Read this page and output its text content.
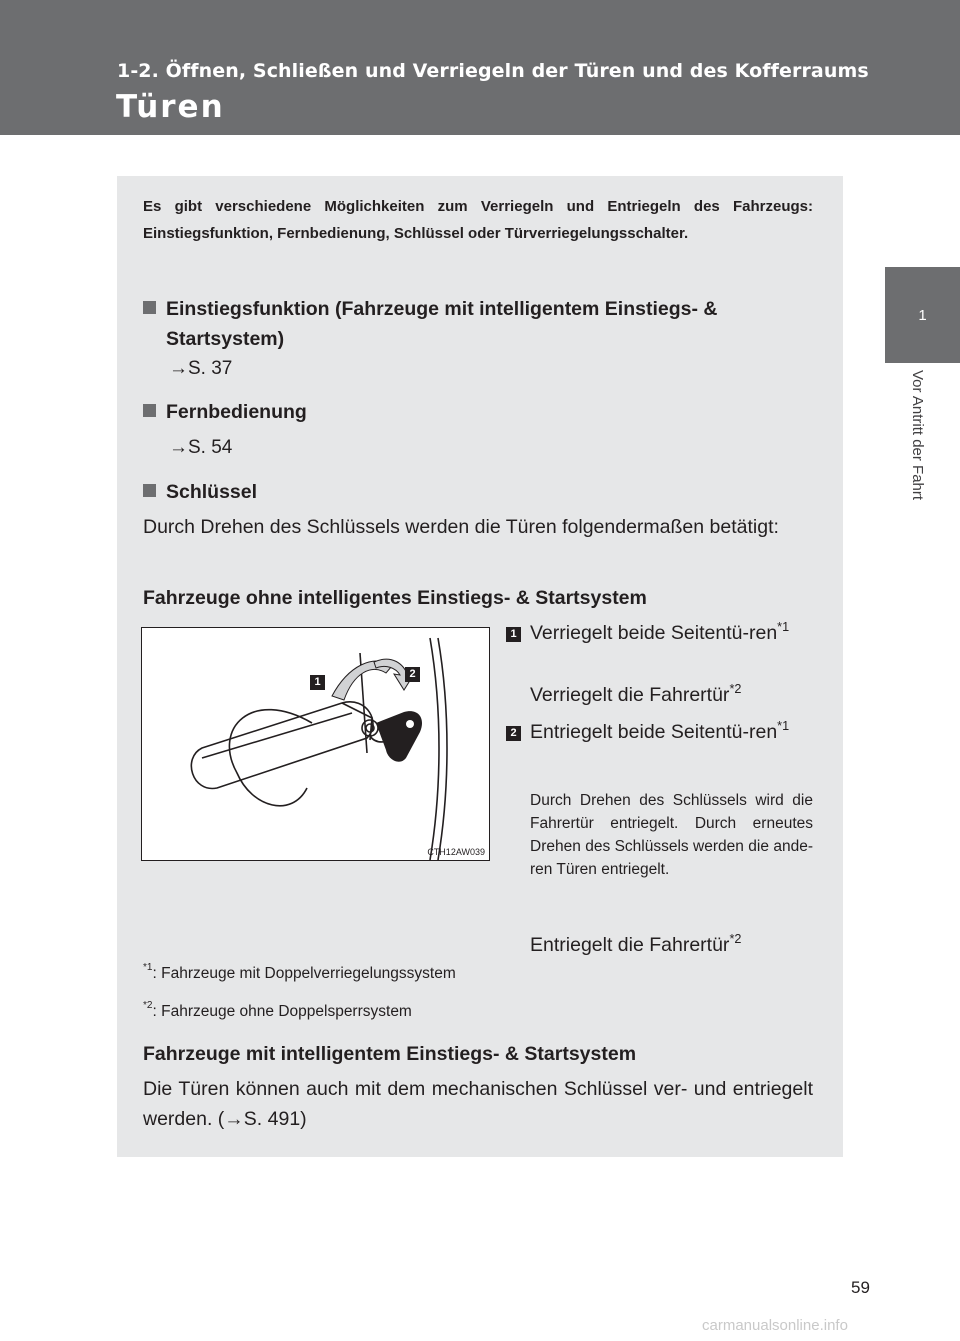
1-2. Öffnen, Schließen und Verriegeln der Türen und des Kofferraums
Türen
1
Vor Antritt der Fahrt
Es gibt verschiedene Möglichkeiten zum Verriegeln und Entriegeln des Fahrzeugs: Einstiegsfunktion, Fernbedienung, Schlüssel oder Türverriegelungsschalter.
Einstiegsfunktion (Fahrzeuge mit intelligentem Einstiegs- & Startsystem)
→S. 37
Fernbedienung
→S. 54
Schlüssel
Durch Drehen des Schlüssels werden die Türen folgendermaßen betätigt:
Fahrzeuge ohne intelligentes Einstiegs- & Startsystem
1
2
CTH12AW039
1 Verriegelt beide Seitentü-ren$^{*1}$
Verriegelt die Fahrertür$^{*2}$
2 Entriegelt beide Seitentü-ren$^{*1}$
Durch Drehen des Schlüssels wird die Fahrertür entriegelt. Durch erneutes Drehen des Schlüssels werden die ande-ren Türen entriegelt.
Entriegelt die Fahrertür$^{*2}$
$^{*1}$: Fahrzeuge mit Doppelverriegelungssystem
$^{*2}$: Fahrzeuge ohne Doppelsperrsystem
Fahrzeuge mit intelligentem Einstiegs- & Startsystem
Die Türen können auch mit dem mechanischen Schlüssel ver- und entriegelt werden. (→S. 491)
59
carmanualsonline.info
